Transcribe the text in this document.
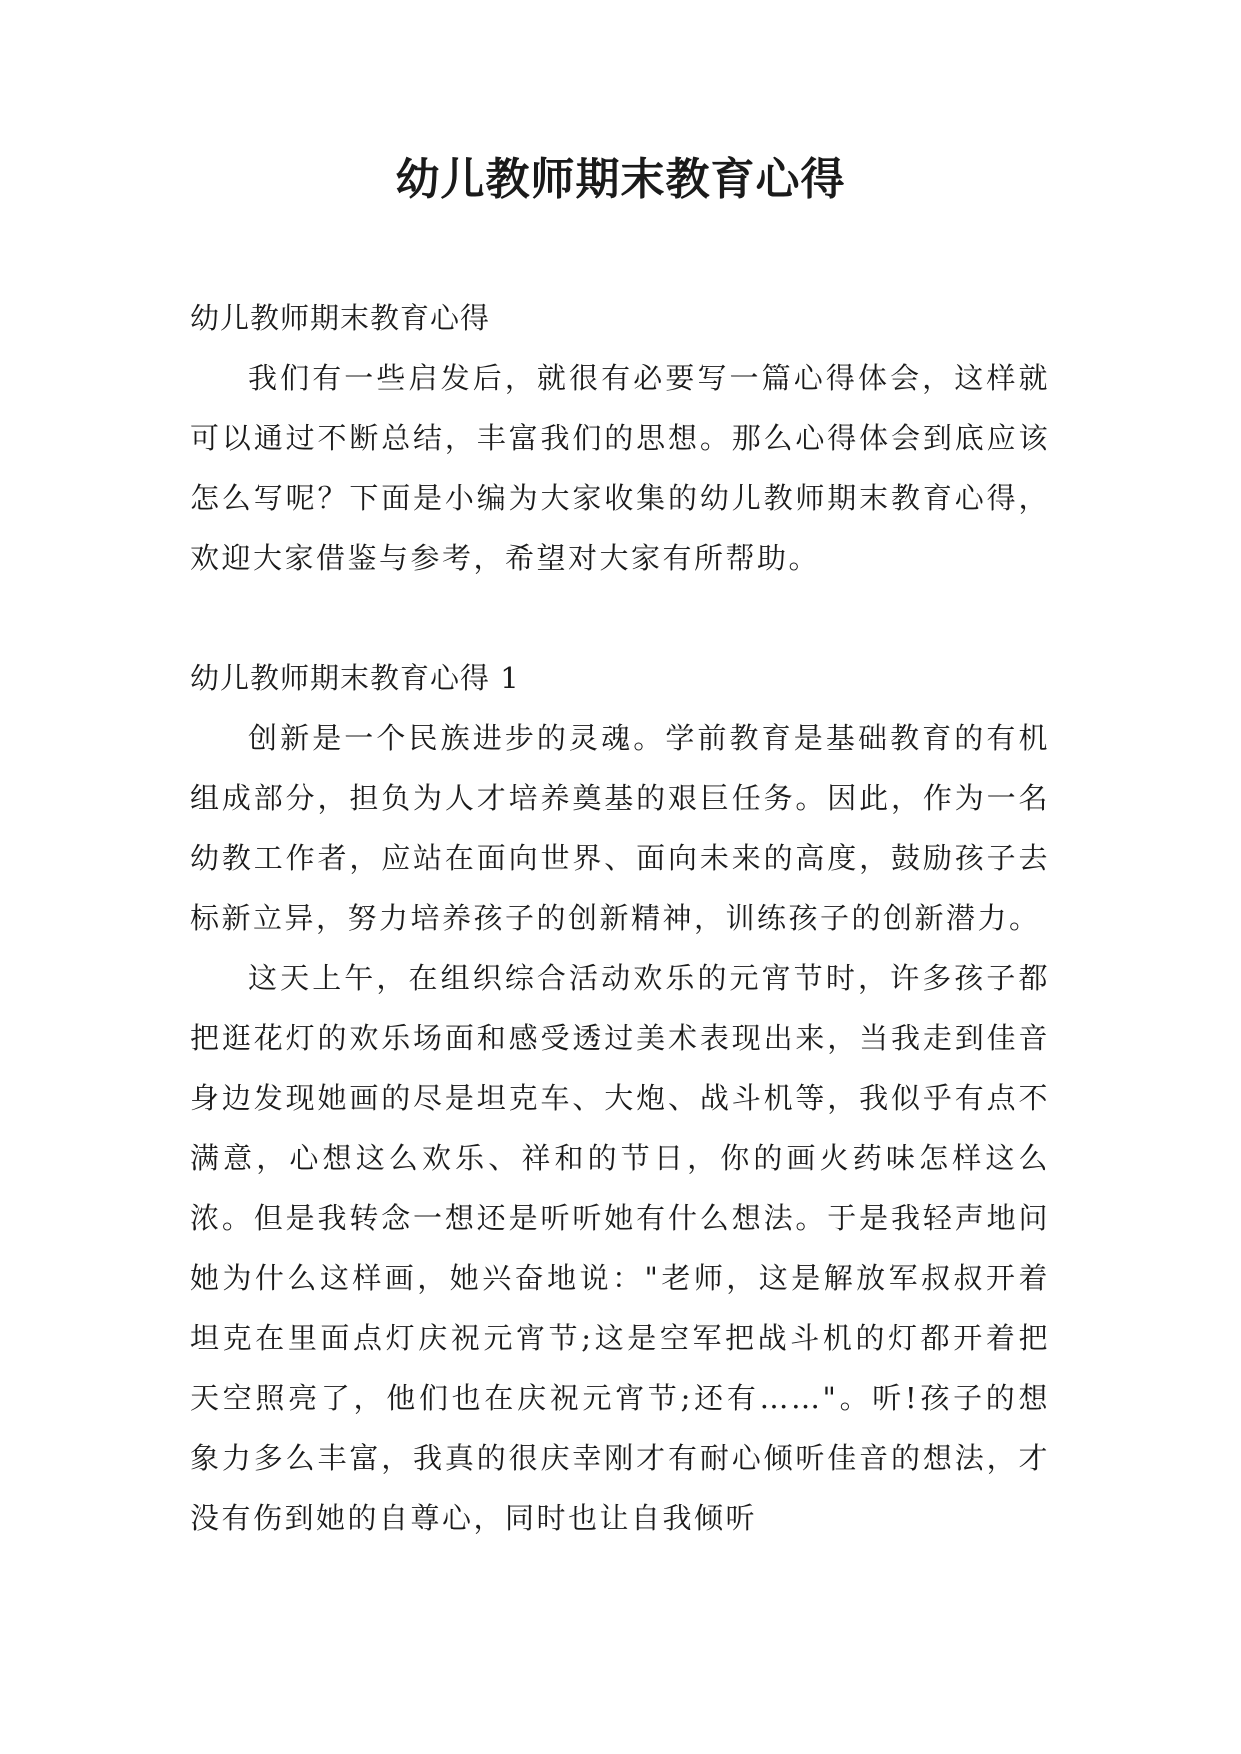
幼儿教师期末教育心得

幼儿教师期末教育心得

我们有一些启发后，就很有必要写一篇心得体会，这样就可以通过不断总结，丰富我们的思想。那么心得体会到底应该怎么写呢？下面是小编为大家收集的幼儿教师期末教育心得，欢迎大家借鉴与参考，希望对大家有所帮助。

幼儿教师期末教育心得 1

创新是一个民族进步的灵魂。学前教育是基础教育的有机组成部分，担负为人才培养奠基的艰巨任务。因此，作为一名幼教工作者，应站在面向世界、面向未来的高度，鼓励孩子去标新立异，努力培养孩子的创新精神，训练孩子的创新潜力。

这天上午，在组织综合活动欢乐的元宵节时，许多孩子都把逛花灯的欢乐场面和感受透过美术表现出来，当我走到佳音身边发现她画的尽是坦克车、大炮、战斗机等，我似乎有点不满意，心想这么欢乐、祥和的节日，你的画火药味怎样这么浓。但是我转念一想还是听听她有什么想法。于是我轻声地问她为什么这样画，她兴奋地说："老师，这是解放军叔叔开着坦克在里面点灯庆祝元宵节;这是空军把战斗机的灯都开着把天空照亮了，他们也在庆祝元宵节;还有……"。听!孩子的想象力多么丰富，我真的很庆幸刚才有耐心倾听佳音的想法，才没有伤到她的自尊心，同时也让自我倾听
